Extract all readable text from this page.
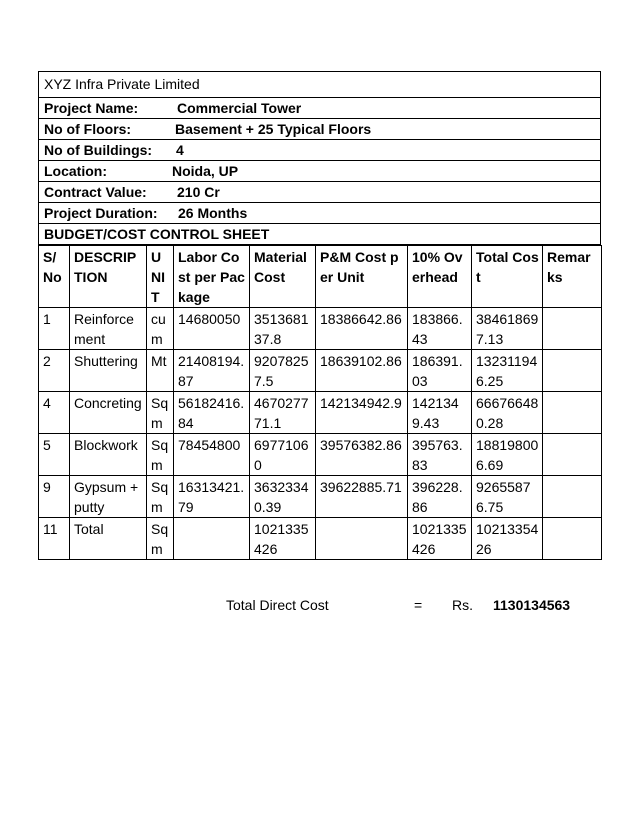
XYZ Infra Private Limited
Project Name:	Commercial Tower
No of Floors:	Basement + 25 Typical Floors
No of Buildings: 4
Location:	Noida, UP
Contract Value: 210 Cr
Project Duration: 26 Months
BUDGET/COST CONTROL SHEET
S/No	DESCRIPTION	UNIT	Labor Cost per Package	Material Cost	P&M Cost per Unit	10% Overhead	Total Cost	Remarks
1	Reinforcement	cum	14680050	351368137.8	18386642.86	183866.43	384618697.13	
2	Shuttering	Mt	21408194.87	92078257.5	18639102.86	186391.03	132311946.25	
4	Concreting	Sqm	56182416.84	467027771.1	142134942.9	1421349.43	666766480.28	
5	Blockwork	Sqm	78454800	69771060	39576382.86	395763.83	188198006.69	
9	Gypsum + putty	Sqm	16313421.79	36323340.39	39622885.71	396228.86	92655876.75	
11	Total	Sqm		1021335426		1021335426	1021335426	
Total Direct Cost	= Rs. 1130134563
